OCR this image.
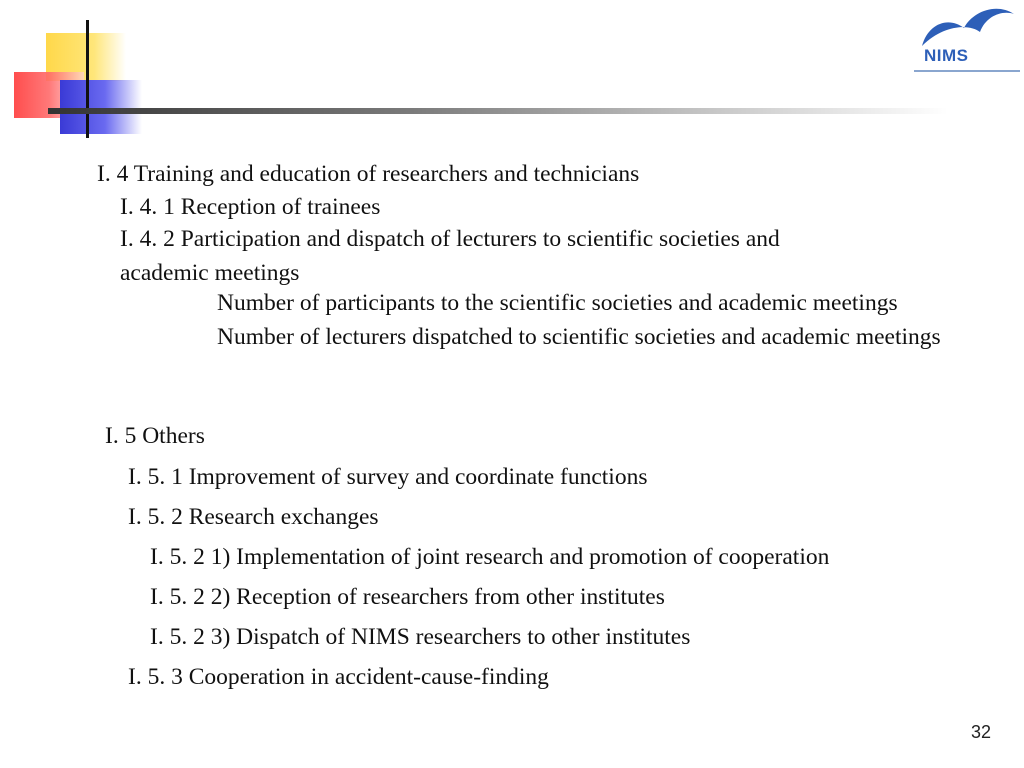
NIMS

I. 4 Training and education of researchers and technicians

I. 4. 1 Reception of trainees

I. 4. 2 Participation and dispatch of lecturers to scientific societies and

academic meetings

Number of participants to the scientific societies and academic meetings Number of lecturers dispatched to scientific societies and academic meetings

I. 5 Others

I. 5. 1 Improvement of survey and coordinate functions

I. 5. 2 Research exchanges

I. 5. 2 1) Implementation of joint research and promotion of cooperation

I. 5. 2 2) Reception of researchers from other institutes

I. 5. 2 3) Dispatch of NIMS researchers to other institutes

I. 5. 3 Cooperation in accident-cause-finding

32
